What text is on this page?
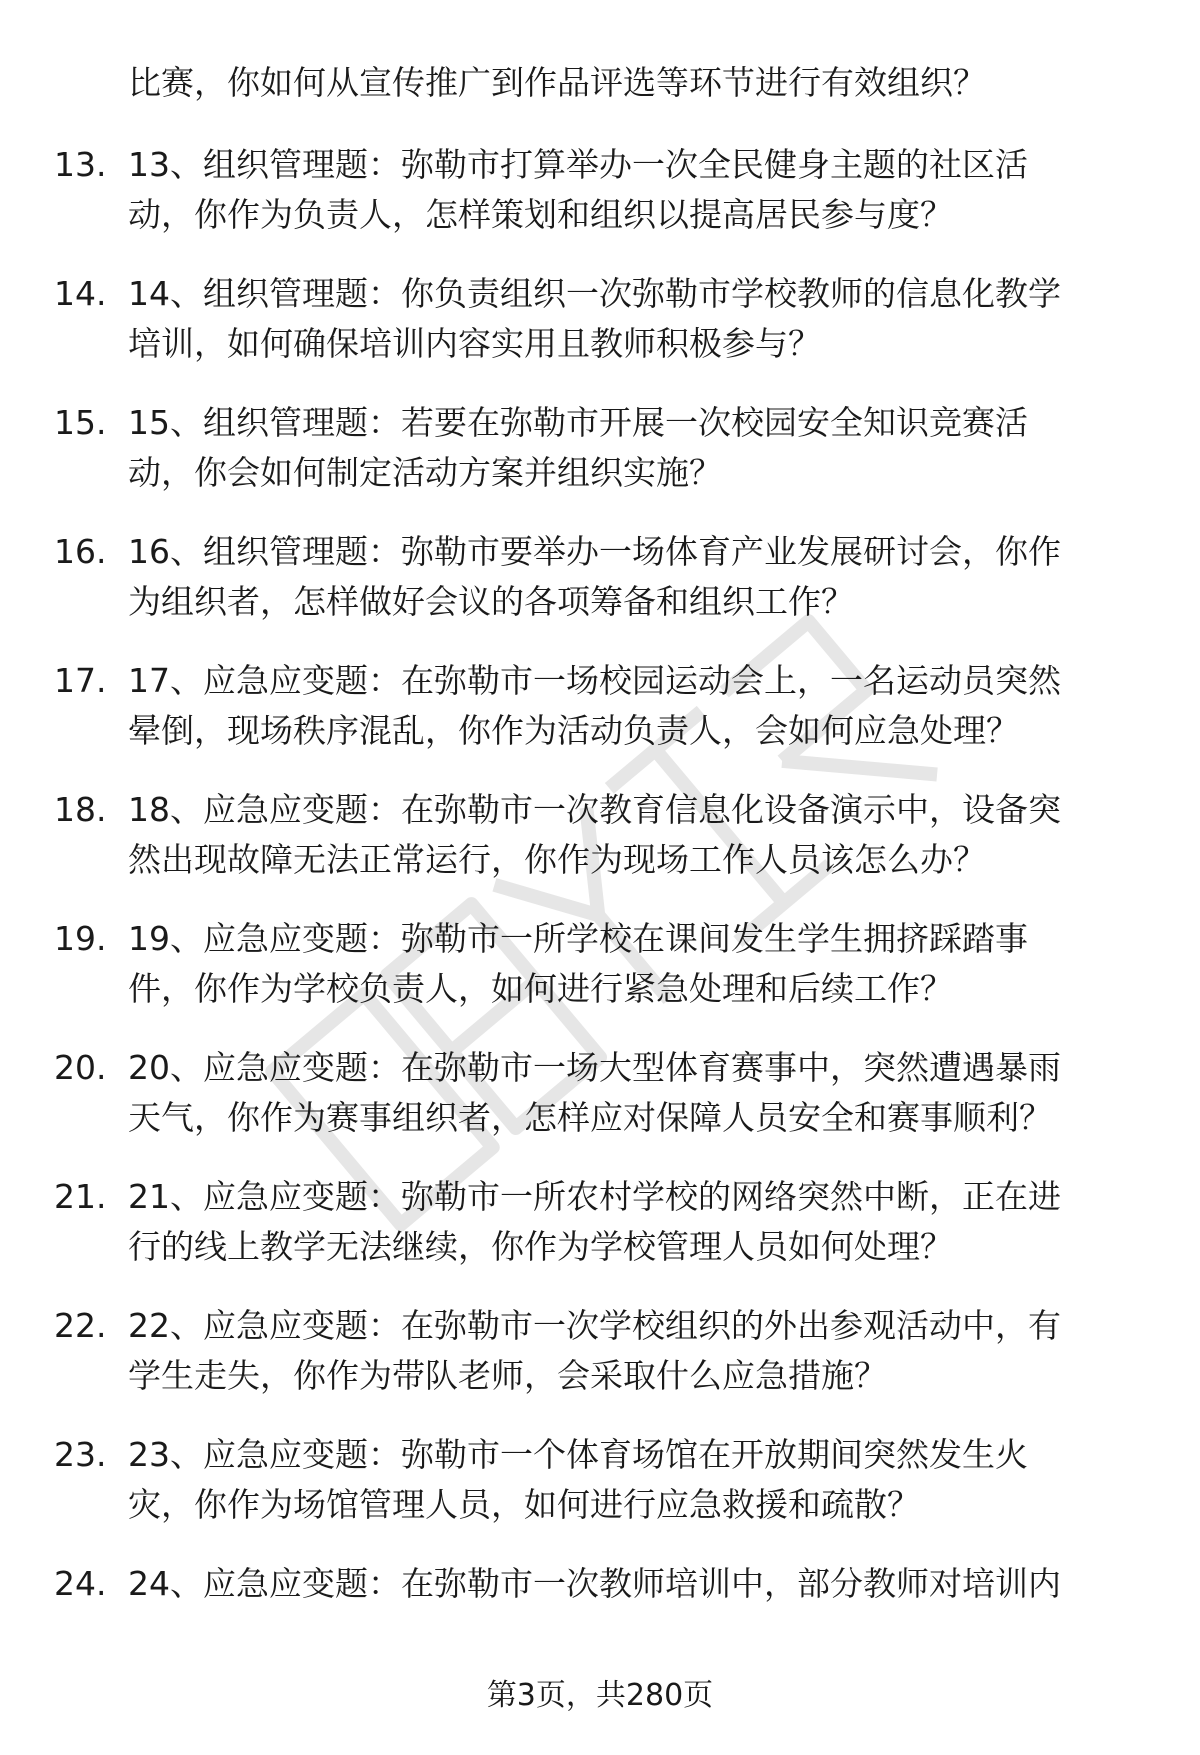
比赛，你如何从宣传推广到作品评选等环节进行有效组织？
13. 13、组织管理题：弥勒市打算举办一次全民健身主题的社区活
动，你作为负责人，怎样策划和组织以提高居民参与度？
14. 14、组织管理题：你负责组织一次弥勒市学校教师的信息化教学
培训，如何确保培训内容实用且教师积极参与？
15. 15、组织管理题：若要在弥勒市开展一次校园安全知识竞赛活
动，你会如何制定活动方案并组织实施？
16. 16、组织管理题：弥勒市要举办一场体育产业发展研讨会，你作
为组织者，怎样做好会议的各项筹备和组织工作？
17. 17、应急应变题：在弥勒市一场校园运动会上，一名运动员突然
晕倒，现场秩序混乱，你作为活动负责人，会如何应急处理？
18. 18、应急应变题：在弥勒市一次教育信息化设备演示中，设备突
然出现故障无法正常运行，你作为现场工作人员该怎么办？
19. 19、应急应变题：弥勒市一所学校在课间发生学生拥挤踩踏事
件，你作为学校负责人，如何进行紧急处理和后续工作？
20. 20、应急应变题：在弥勒市一场大型体育赛事中，突然遭遇暴雨
天气，你作为赛事组织者，怎样应对保障人员安全和赛事顺利？
21. 21、应急应变题：弥勒市一所农村学校的网络突然中断，正在进
行的线上教学无法继续，你作为学校管理人员如何处理？
22. 22、应急应变题：在弥勒市一次学校组织的外出参观活动中，有
学生走失，你作为带队老师，会采取什么应急措施？
23. 23、应急应变题：弥勒市一个体育场馆在开放期间突然发生火
灾，你作为场馆管理人员，如何进行应急救援和疏散？
24. 24、应急应变题：在弥勒市一次教师培训中，部分教师对培训内
第3页，共280页
